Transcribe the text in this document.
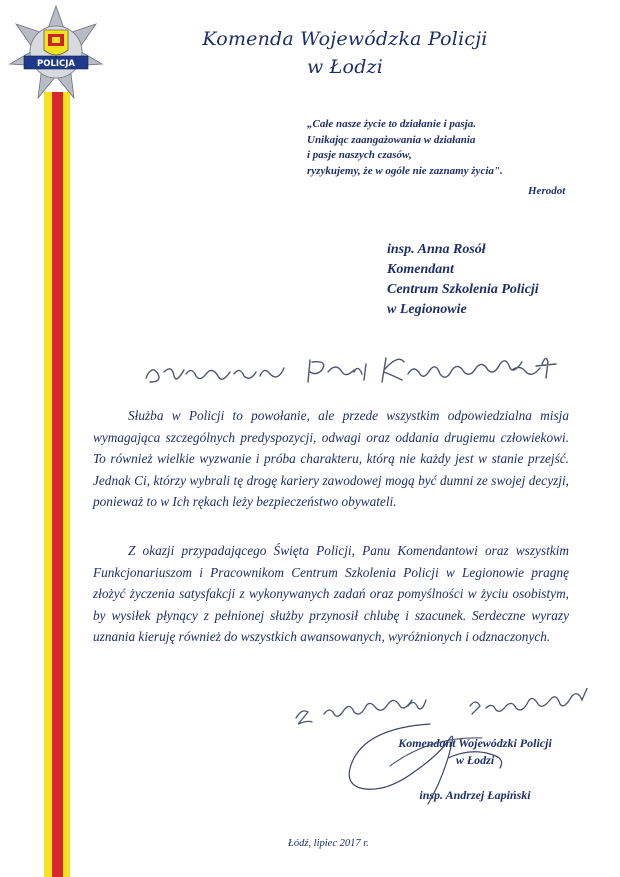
POLICJA
Komenda Wojewódzka Policji
w Łodzi
„Całe nasze życie to działanie i pasja.
Unikając zaangażowania w działania
i pasje naszych czasów,
ryzykujemy, że w ogóle nie zaznamy życia".
Herodot
insp. Anna Rosół
Komendant
Centrum Szkolenia Policji
w Legionowie

Służba w Policji to powołanie, ale przede wszystkim odpowiedzialna misja wymagająca szczególnych predyspozycji, odwagi oraz oddania drugiemu człowiekowi. To również wielkie wyzwanie i próba charakteru, którą nie każdy jest w stanie przejść. Jednak Ci, którzy wybrali tę drogę kariery zawodowej mogą być dumni ze swojej decyzji, ponieważ to w Ich rękach leży bezpieczeństwo obywateli.

Z okazji przypadającego Święta Policji, Panu Komendantowi oraz wszystkim Funkcjonariuszom i Pracownikom Centrum Szkolenia Policji w Legionowie pragnę złożyć życzenia satysfakcji z wykonywanych zadań oraz pomyślności w życiu osobistym, by wysiłek płynący z pełnionej służby przynosił chlubę i szacunek. Serdeczne wyrazy uznania kieruję również do wszystkich awansowanych, wyróżnionych i odznaczonych.

Komendant Wojewódzki Policji
w Łodzi
insp. Andrzej Łapiński
Łódź, lipiec 2017 r.
